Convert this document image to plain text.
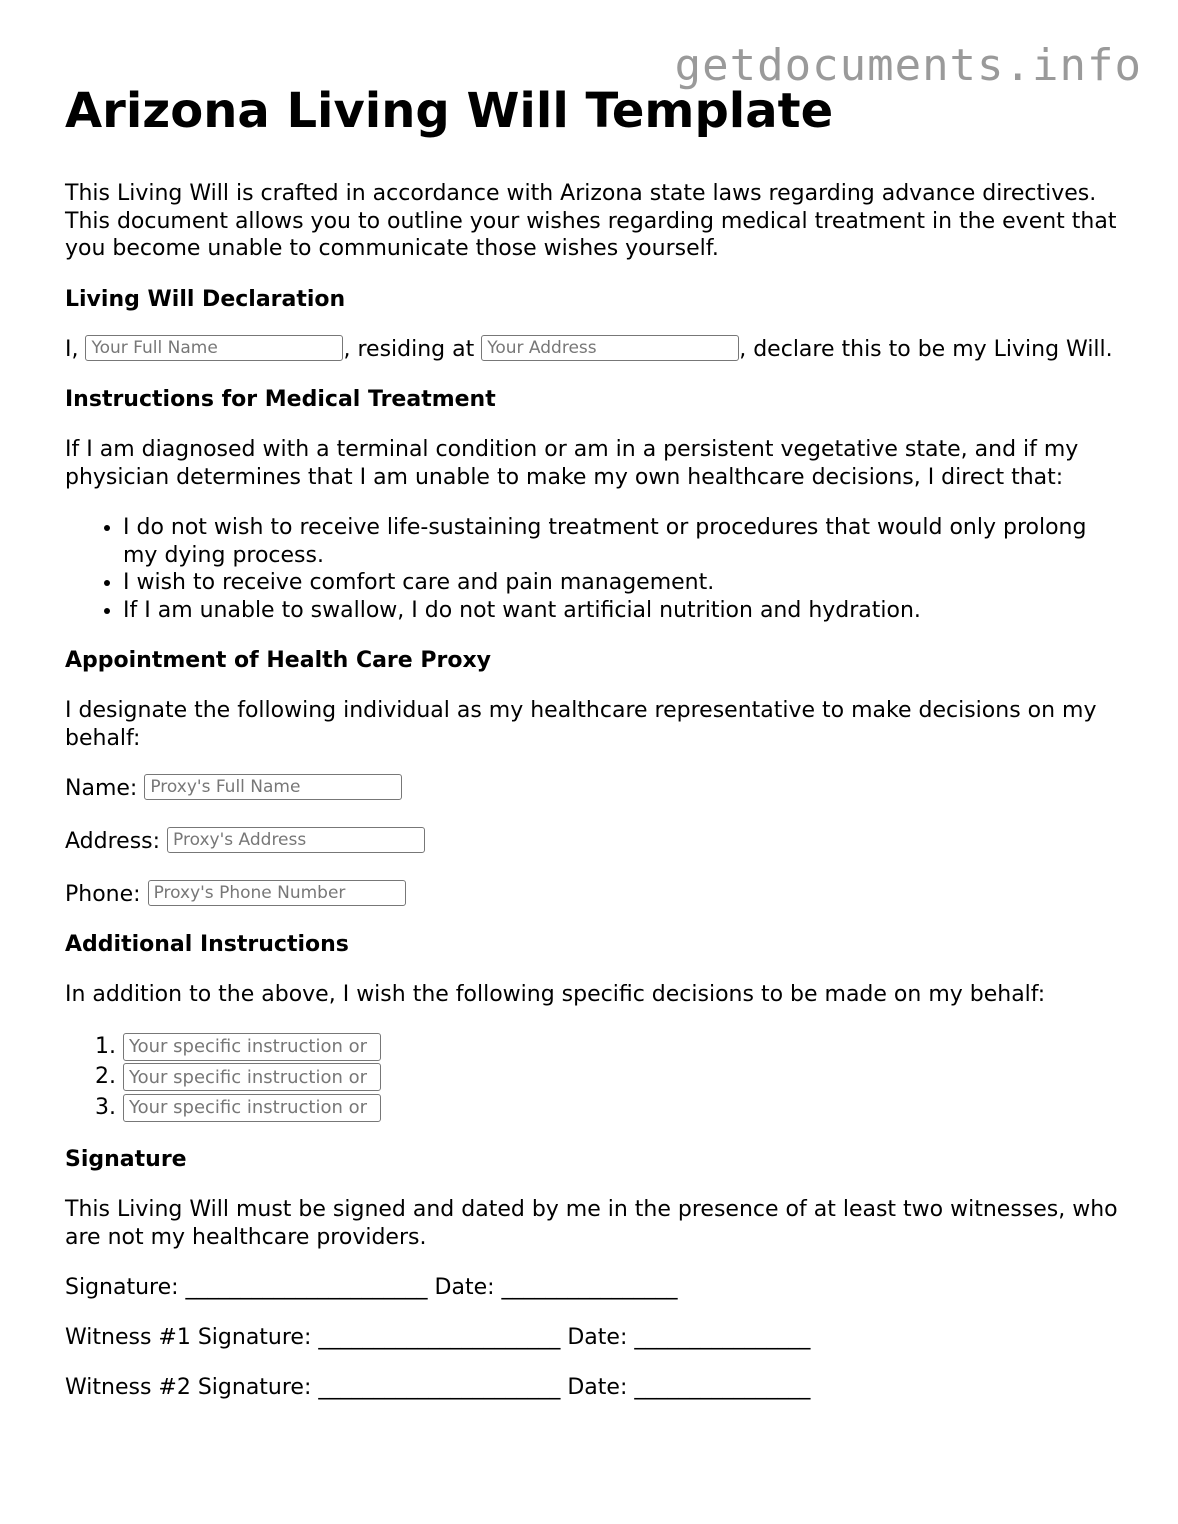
getdocuments.info
Arizona Living Will Template

This Living Will is crafted in accordance with Arizona state laws regarding advance directives. This document allows you to outline your wishes regarding medical treatment in the event that you become unable to communicate those wishes yourself.

Living Will Declaration

I, Your Full Name	, residing at Your Address	, declare this to be my Living Will.

Instructions for Medical Treatment

If I am diagnosed with a terminal condition or am in a persistent vegetative state, and if my physician determines that I am unable to make my own healthcare decisions, I direct that:

• I do not wish to receive life-sustaining treatment or procedures that would only prolong my dying process.
• I wish to receive comfort care and pain management.
• If I am unable to swallow, I do not want artificial nutrition and hydration.
Appointment of Health Care Proxy

I designate the following individual as my healthcare representative to make decisions on my behalf:

Name: Proxy's Full Name
Address: Proxy's Address
Phone: Proxy's Phone Number
Additional Instructions

In addition to the above, I wish the following specific decisions to be made on my behalf:

1. Your specific instruction or
2. Your specific instruction or
3. Your specific instruction or
Signature

This Living Will must be signed and dated by me in the presence of at least two witnesses, who are not my healthcare providers.

Signature: ______________________ Date: ________________
Witness #1 Signature: ______________________ Date: ________________
Witness #2 Signature: ______________________ Date: ________________
